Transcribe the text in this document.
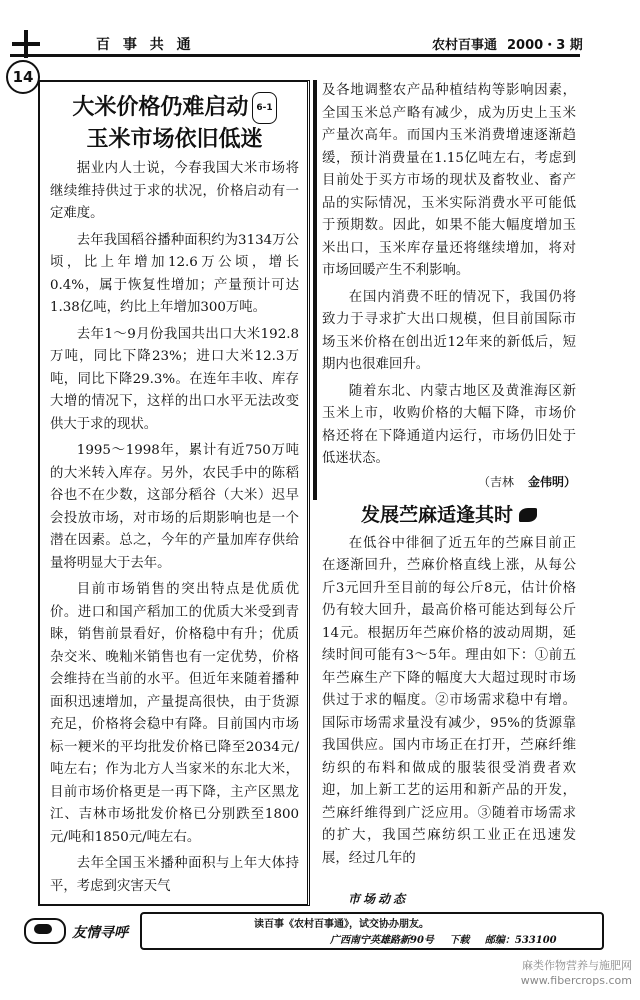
百 事 共 通	农村百事通 2000・3 期
14
大米价格仍难启动 6-1
玉米市场依旧低迷

据业内人士说，今春我国大米市场将继续维持供过于求的状况，价格启动有一定难度。

去年我国稻谷播种面积约为3134万公顷，比上年增加12.6万公顷，增长0.4%，属于恢复性增加；产量预计可达1.38亿吨，约比上年增加300万吨。

去年1～9月份我国共出口大米192.8万吨，同比下降23%；进口大米12.3万吨，同比下降29.3%。在连年丰收、库存大增的情况下，这样的出口水平无法改变供大于求的现状。

1995～1998年，累计有近750万吨的大米转入库存。另外，农民手中的陈稻谷也不在少数，这部分稻谷（大米）迟早会投放市场，对市场的后期影响也是一个潜在因素。总之，今年的产量加库存供给量将明显大于去年。

目前市场销售的突出特点是优质优价。进口和国产稻加工的优质大米受到青睐，销售前景看好，价格稳中有升；优质杂交米、晚籼米销售也有一定优势，价格会维持在当前的水平。但近年来随着播种面积迅速增加，产量提高很快，由于货源充足，价格将会稳中有降。目前国内市场标一粳米的平均批发价格已降至2034元/吨左右；作为北方人当家米的东北大米，目前市场价格更是一再下降，主产区黑龙江、吉林市场批发价格已分别跌至1800元/吨和1850元/吨左右。

去年全国玉米播种面积与上年大体持平，考虑到灾害天气

及各地调整农产品种植结构等影响因素，全国玉米总产略有减少，成为历史上玉米产量次高年。而国内玉米消费增速逐渐趋缓，预计消费量在1.15亿吨左右，考虑到目前处于买方市场的现状及畜牧业、畜产品的实际情况，玉米实际消费水平可能低于预期数。因此，如果不能大幅度增加玉米出口，玉米库存量还将继续增加，将对市场回暖产生不利影响。

在国内消费不旺的情况下，我国仍将致力于寻求扩大出口规模，但目前国际市场玉米价格在创出近12年来的新低后，短期内也很难回升。

随着东北、内蒙古地区及黄淮海区新玉米上市，收购价格的大幅下降，市场价格还将在下降通道内运行，市场仍旧处于低迷状态。

（吉林 金伟明）
发展苎麻适逢其时

在低谷中徘徊了近五年的苎麻目前正在逐渐回升，苎麻价格直线上涨，从每公斤3元回升至目前的每公斤8元，估计价格仍有较大回升，最高价格可能达到每公斤14元。根据历年苎麻价格的波动周期，延续时间可能有3～5年。理由如下：①前五年苎麻生产下降的幅度大大超过现时市场供过于求的幅度。②市场需求稳中有增。国际市场需求量没有减少，95%的货源靠我国供应。国内市场正在打开，苎麻纤维纺织的布料和做成的服装很受消费者欢迎，加上新工艺的运用和新产品的开发，苎麻纤维得到广泛应用。③随着市场需求的扩大，我国苎麻纺织工业正在迅速发展，经过几年的

市场动态
友情寻呼
读百事《农村百事通》，试交协办朋友。
广西南宁英雄路新90号 下载 邮编：533100
麻类作物营养与施肥网
www.fibercrops.com
